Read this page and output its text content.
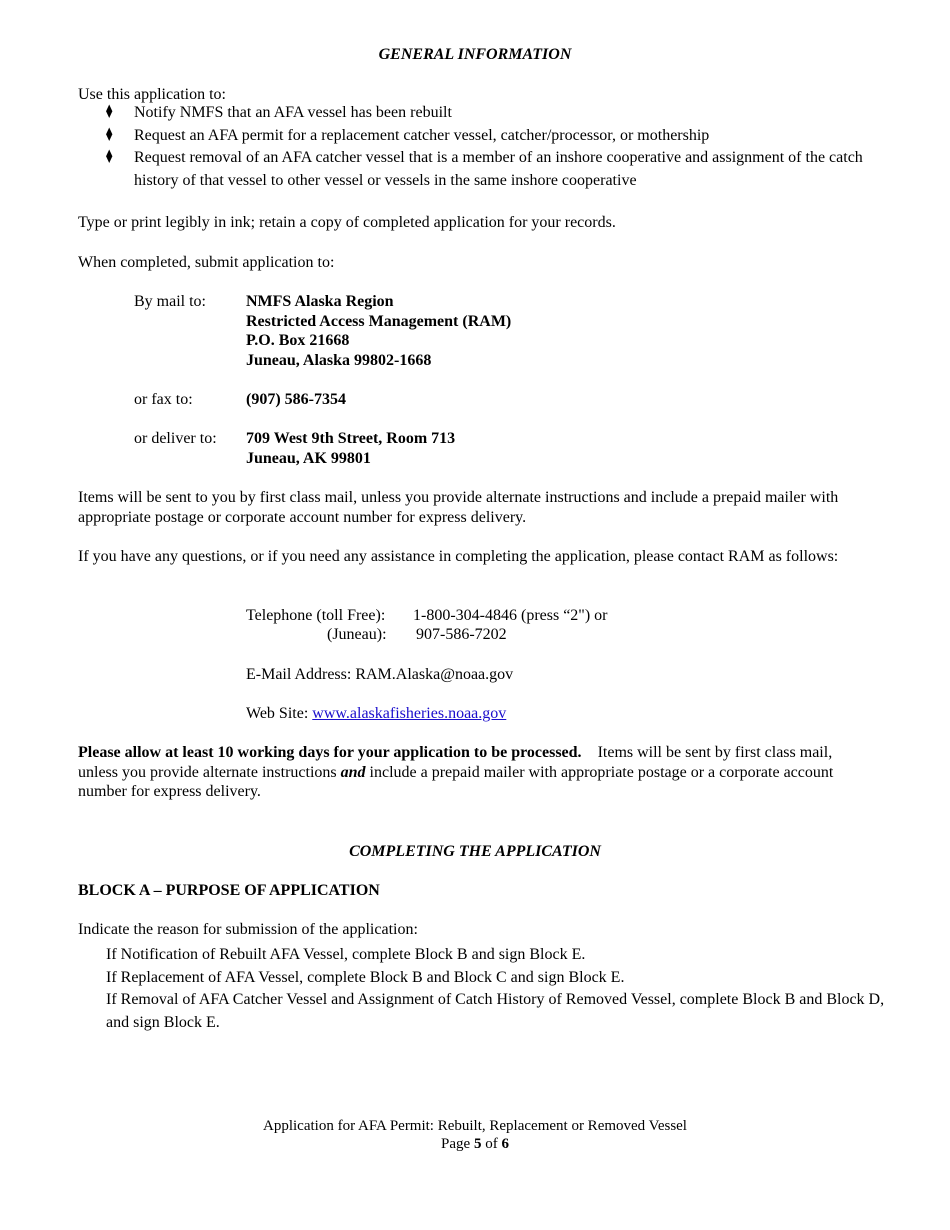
GENERAL INFORMATION
Use this application to:
⧫ Notify NMFS that an AFA vessel has been rebuilt
⧫ Request an AFA permit for a replacement catcher vessel, catcher/processor, or mothership
⧫ Request removal of an AFA catcher vessel that is a member of an inshore cooperative and assignment of the catch history of that vessel to other vessel or vessels in the same inshore cooperative
Type or print legibly in ink; retain a copy of completed application for your records.
When completed, submit application to:
By mail to:	NMFS Alaska Region
Restricted Access Management (RAM)
P.O. Box 21668
Juneau, Alaska 99802-1668
or fax to:	(907) 586-7354
or deliver to: 709 West 9th Street, Room 713
Juneau, AK 99801
Items will be sent to you by first class mail, unless you provide alternate instructions and include a prepaid mailer with appropriate postage or corporate account number for express delivery.
If you have any questions, or if you need any assistance in completing the application, please contact RAM as follows:
Telephone (toll Free): 1-800-304-4846 (press “2") or
(Juneau): 907-586-7202
E-Mail Address: RAM.Alaska@noaa.gov
Web Site: www.alaskafisheries.noaa.gov
Please allow at least 10 working days for your application to be processed. Items will be sent by first class mail, unless you provide alternate instructions and include a prepaid mailer with appropriate postage or a corporate account number for express delivery.
COMPLETING THE APPLICATION
BLOCK A – PURPOSE OF APPLICATION
Indicate the reason for submission of the application:
If Notification of Rebuilt AFA Vessel, complete Block B and sign Block E.
If Replacement of AFA Vessel, complete Block B and Block C and sign Block E.
If Removal of AFA Catcher Vessel and Assignment of Catch History of Removed Vessel, complete Block B and Block D, and sign Block E.
Application for AFA Permit: Rebuilt, Replacement or Removed Vessel
Page 5 of 6
